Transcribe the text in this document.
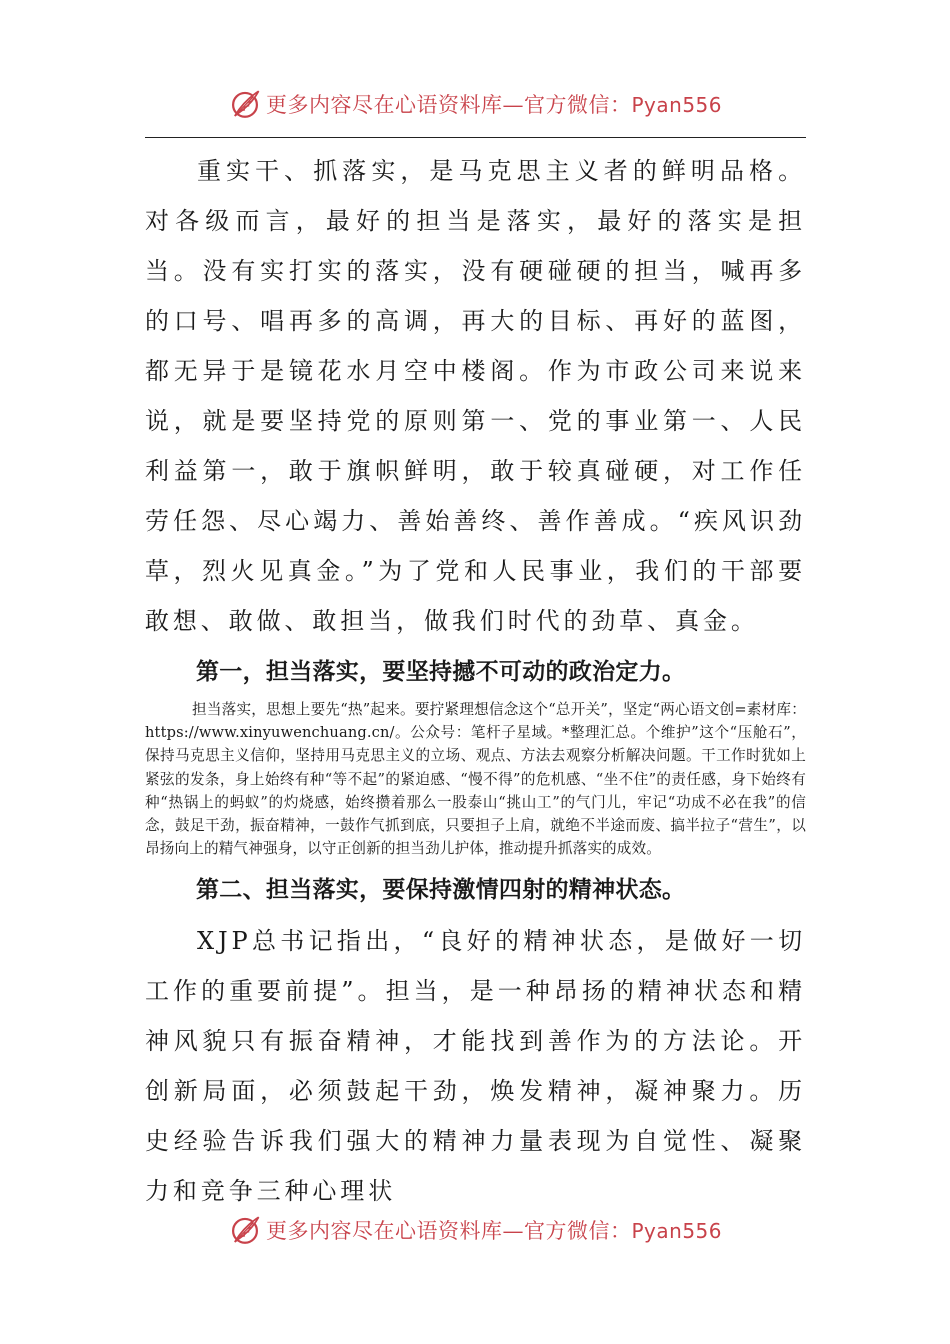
更多内容尽在心语资料库—官方微信：Pyan556

重实干、抓落实，是马克思主义者的鲜明品格。对各级而言，最好的担当是落实，最好的落实是担当。没有实打实的落实，没有硬碰硬的担当，喊再多的口号、唱再多的高调，再大的目标、再好的蓝图，都无异于是镜花水月空中楼阁。作为市政公司来说来说，就是要坚持党的原则第一、党的事业第一、人民利益第一，敢于旗帜鲜明，敢于较真碰硬，对工作任劳任怨、尽心竭力、善始善终、善作善成。“疾风识劲草，烈火见真金。”为了党和人民事业，我们的干部要敢想、敢做、敢担当，做我们时代的劲草、真金。

第一，担当落实，要坚持撼不可动的政治定力。

担当落实，思想上要先“热”起来。要拧紧理想信念这个“总开关”，坚定“两心语文创=素材库：https://www.xinyuwenchuang.cn/。公众号：笔杆子星域。*整理汇总。个维护”这个“压舱石”，保持马克思主义信仰，坚持用马克思主义的立场、观点、方法去观察分析解决问题。干工作时犹如上紧弦的发条，身上始终有种“等不起”的紧迫感、“慢不得”的危机感、“坐不住”的责任感，身下始终有种“热锅上的蚂蚁”的灼烧感，始终攒着那么一股泰山“挑山工”的气门儿，牢记“功成不必在我”的信念，鼓足干劲，振奋精神，一鼓作气抓到底，只要担子上肩，就绝不半途而废、搞半拉子“营生”，以昂扬向上的精气神强身，以守正创新的担当劲儿护体，推动提升抓落实的成效。

第二、担当落实，要保持激情四射的精神状态。

XJP总书记指出，“良好的精神状态，是做好一切工作的重要前提”。担当，是一种昂扬的精神状态和精神风貌只有振奋精神，才能找到善作为的方法论。开创新局面，必须鼓起干劲，焕发精神，凝神聚力。历史经验告诉我们强大的精神力量表现为自觉性、凝聚力和竞争三种心理状

更多内容尽在心语资料库—官方微信：Pyan556
